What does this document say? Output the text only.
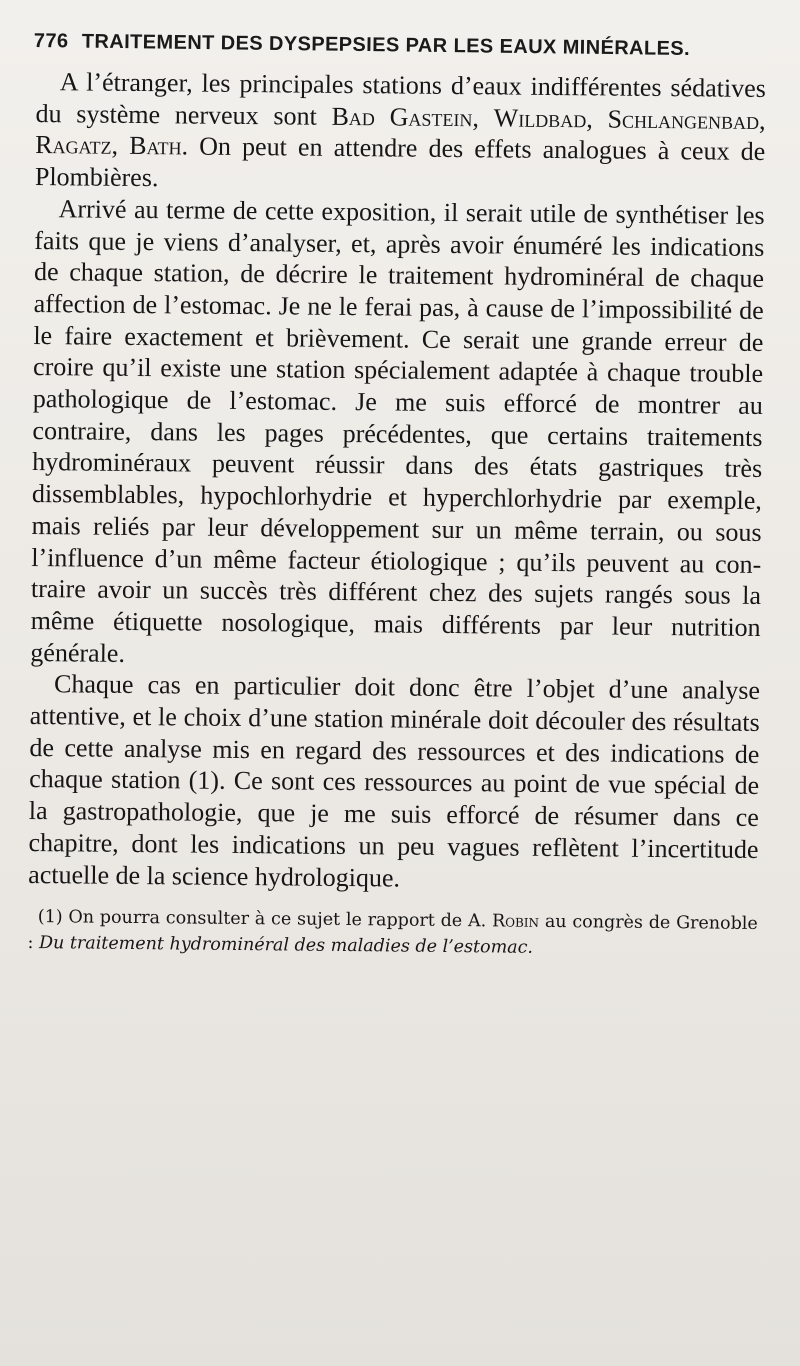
776 TRAITEMENT DES DYSPEPSIES PAR LES EAUX MINÉRALES.

A l’étranger, les principales stations d’eaux indifférentes sédatives du système nerveux sont Bad Gastein, Wildbad, Schlangenbad, Ragatz, Bath. On peut en attendre des effets analogues à ceux de Plombières.

Arrivé au terme de cette exposition, il serait utile de synthétiser les faits que je viens d’analyser, et, après avoir énuméré les indications de chaque station, de décrire le traitement hydrominéral de chaque affection de l’estomac. Je ne le ferai pas, à cause de l’impossibilité de le faire exactement et brièvement. Ce serait une grande erreur de croire qu’il existe une station spécialement adaptée à chaque trouble pathologique de l’estomac. Je me suis efforcé de montrer au contraire, dans les pages précédentes, que certains traitements hydrominéraux peuvent réussir dans des états gastriques très dissemblables, hypochlorhydrie et hyperchlorhydrie par exemple, mais reliés par leur développement sur un même terrain, ou sous l’influence d’un même facteur étiologique ; qu’ils peuvent au contraire avoir un succès très différent chez des sujets rangés sous la même étiquette nosologique, mais différents par leur nutrition générale.

Chaque cas en particulier doit donc être l’objet d’une analyse attentive, et le choix d’une station minérale doit découler des résultats de cette analyse mis en regard des ressources et des indications de chaque station (1). Ce sont ces ressources au point de vue spécial de la gastropathologie, que je me suis efforcé de résumer dans ce chapitre, dont les indications un peu vagues reflètent l’incertitude actuelle de la science hydrologique.

(1) On pourra consulter à ce sujet le rapport de A. Robin au congrès de Grenoble : Du traitement hydrominéral des maladies de l’estomac.
